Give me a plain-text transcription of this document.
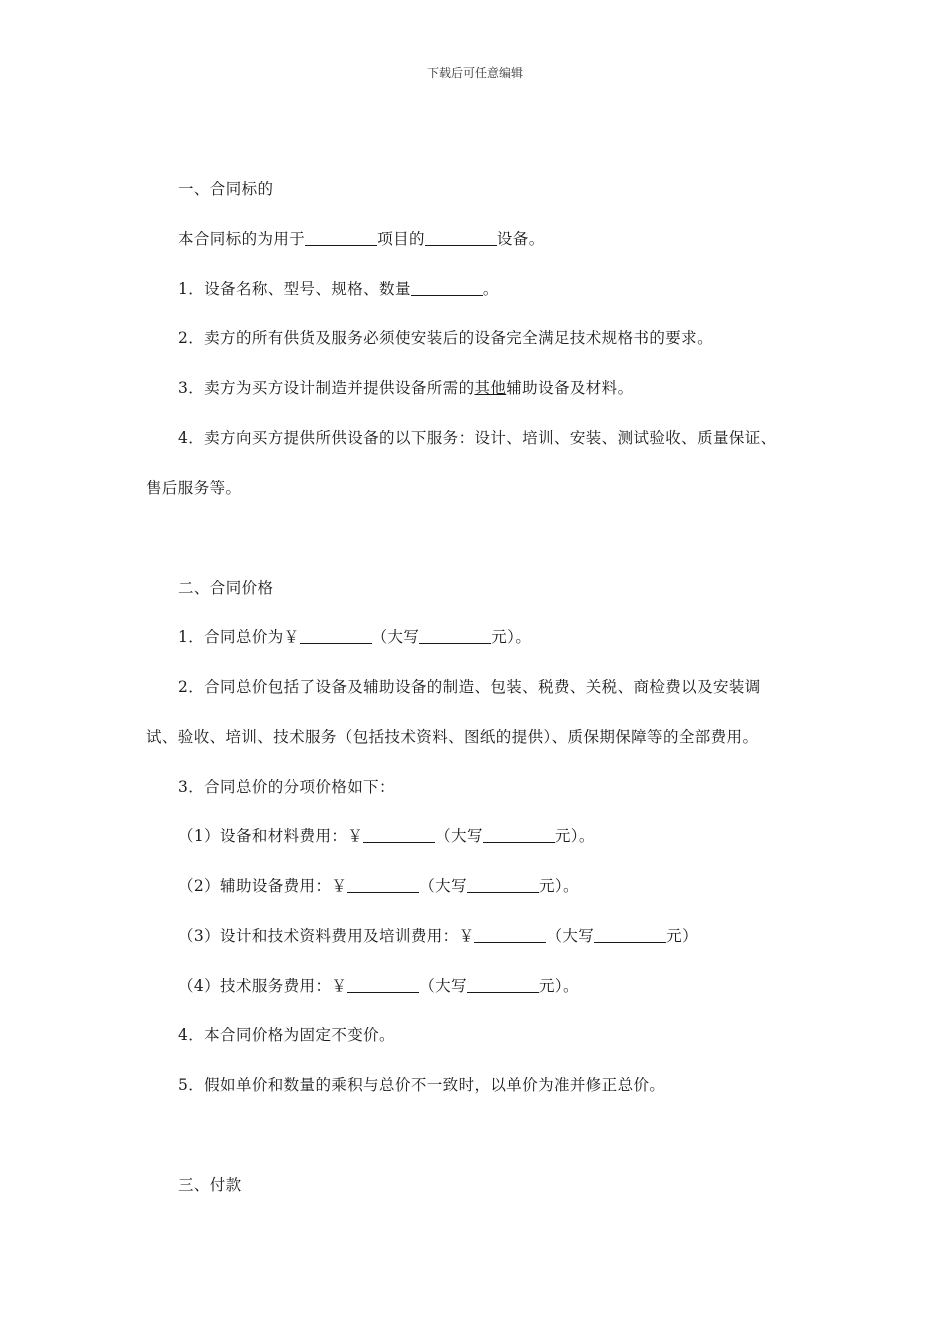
下载后可任意编辑
一、合同标的
本合同标的为用于	项目的	设备。
1．设备名称、型号、规格、数量	。
2．卖方的所有供货及服务必须使安装后的设备完全满足技术规格书的要求。
3．卖方为买方设计制造并提供设备所需的其他辅助设备及材料。
4．卖方向买方提供所供设备的以下服务：设计、培训、安装、测试验收、质量保证、
售后服务等。
二、合同价格
1．合同总价为￥	（大写	元）。
2．合同总价包括了设备及辅助设备的制造、包装、税费、关税、商检费以及安装调
试、验收、培训、技术服务（包括技术资料、图纸的提供）、质保期保障等的全部费用。
3．合同总价的分项价格如下：
（1）设备和材料费用：￥	（大写	元）。
（2）辅助设备费用：￥	（大写	元）。
（3）设计和技术资料费用及培训费用：￥	（大写	元）
（4）技术服务费用：￥	（大写	元）。
4．本合同价格为固定不变价。
5．假如单价和数量的乘积与总价不一致时，以单价为准并修正总价。
三、付款
